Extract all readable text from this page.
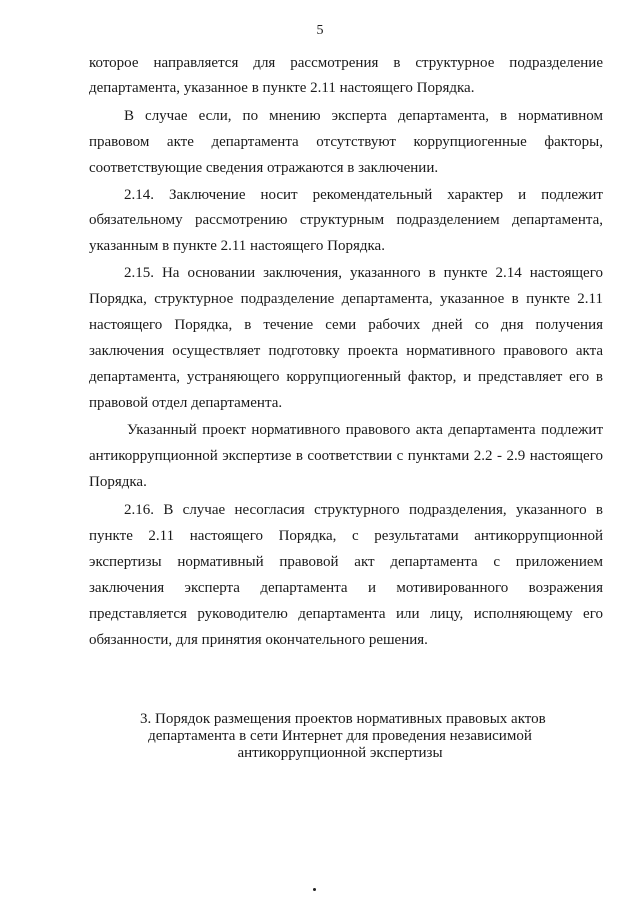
5
которое направляется для рассмотрения в структурное подразделение
департамента, указанное в пункте 2.11 настоящего Порядка.
В случае если, по мнению эксперта департамента, в нормативном
правовом акте департамента отсутствуют коррупциогенные факторы,
соответствующие сведения отражаются в заключении.
2.14. Заключение носит рекомендательный характер и подлежит
обязательному рассмотрению структурным подразделением департамента,
указанным в пункте 2.11 настоящего Порядка.
2.15. На основании заключения, указанного в пункте 2.14 настоящего
Порядка, структурное подразделение департамента, указанное в пункте 2.11
настоящего Порядка, в течение семи рабочих дней со дня получения
заключения осуществляет подготовку проекта нормативного правового акта
департамента, устраняющего коррупциогенный фактор, и представляет его в
правовой отдел департамента.
Указанный проект нормативного правового акта департамента подлежит
антикоррупционной экспертизе в соответствии с пунктами 2.2 - 2.9 настоящего
Порядка.
2.16. В случае несогласия структурного подразделения, указанного в
пункте 2.11 настоящего Порядка, с результатами антикоррупционной
экспертизы нормативный правовой акт департамента с приложением
заключения эксперта департамента и мотивированного возражения
представляется руководителю департамента или лицу, исполняющему его
обязанности, для принятия окончательного решения.
3. Порядок размещения проектов нормативных правовых актов
департамента в сети Интернет для проведения независимой
антикоррупционной экспертизы
